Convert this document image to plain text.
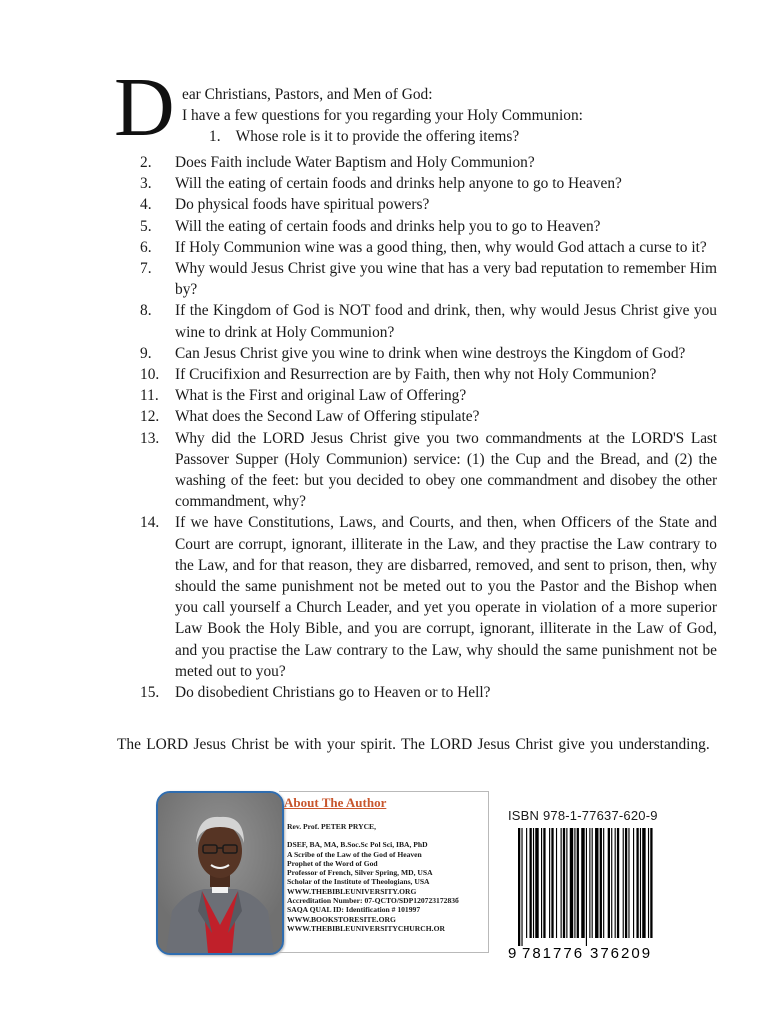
D ear Christians, Pastors, and Men of God:
I have a few questions for you regarding your Holy Communion:
1. Whose role is it to provide the offering items?
2. Does Faith include Water Baptism and Holy Communion?
3. Will the eating of certain foods and drinks help anyone to go to Heaven?
4. Do physical foods have spiritual powers?
5. Will the eating of certain foods and drinks help you to go to Heaven?
6. If Holy Communion wine was a good thing, then, why would God attach a curse to it?
7. Why would Jesus Christ give you wine that has a very bad reputation to remember Him by?
8. If the Kingdom of God is NOT food and drink, then, why would Jesus Christ give you wine to drink at Holy Communion?
9. Can Jesus Christ give you wine to drink when wine destroys the Kingdom of God?
10. If Crucifixion and Resurrection are by Faith, then why not Holy Communion?
11. What is the First and original Law of Offering?
12. What does the Second Law of Offering stipulate?
13. Why did the LORD Jesus Christ give you two commandments at the LORD'S Last Passover Supper (Holy Communion) service: (1) the Cup and the Bread, and (2) the washing of the feet: but you decided to obey one commandment and disobey the other commandment, why?
14. If we have Constitutions, Laws, and Courts, and then, when Officers of the State and Court are corrupt, ignorant, illiterate in the Law, and they practise the Law contrary to the Law, and for that reason, they are disbarred, removed, and sent to prison, then, why should the same punishment not be meted out to you the Pastor and the Bishop when you call yourself a Church Leader, and yet you operate in violation of a more superior Law Book the Holy Bible, and you are corrupt, ignorant, illiterate in the Law of God, and you practise the Law contrary to the Law, why should the same punishment not be meted out to you?
15. Do disobedient Christians go to Heaven or to Hell?
The LORD Jesus Christ be with your spirit. The LORD Jesus Christ give you understanding.
About The Author
Rev. Prof. PETER PRYCE,
DSEF, BA, MA, B.Soc.Sc Pol Sci, IBA, PhD
A Scribe of the Law of the God of Heaven
Prophet of the Word of God
Professor of French, Silver Spring, MD, USA
Scholar of the Institute of Theologians, USA
WWW.THEBIBLEUNIVERSITY.ORG
Accreditation Number: 07-QCTO/SDP12072317283б
SAQA QUAL ID: Identification # 101997
WWW.BOOKSTORESITE.ORG
WWW.THEBIBLEUNIVERSITYCHURCH.OR
ISBN 978-1-77637-620-9
9 781776 376209
